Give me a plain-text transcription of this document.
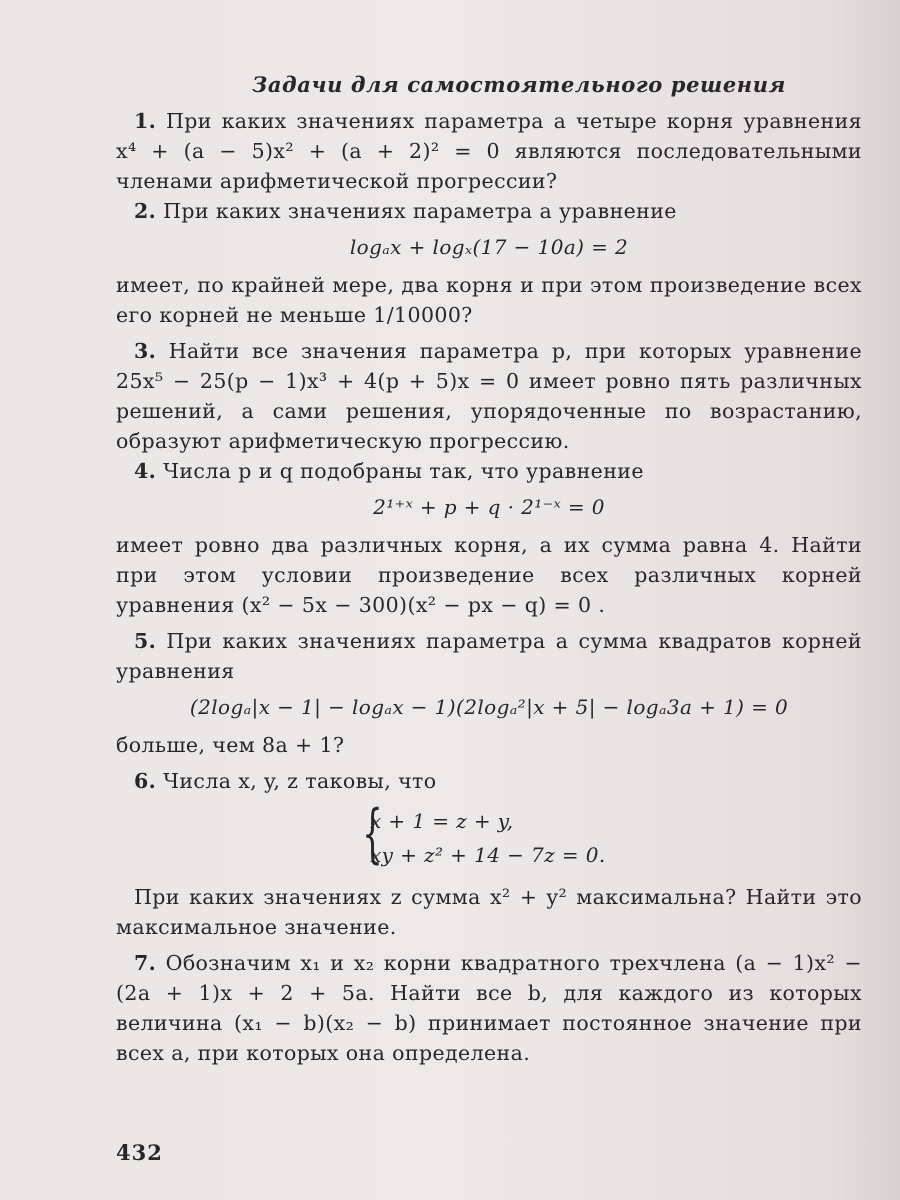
Задачи для самостоятельного решения

1. При каких значениях параметра a четыре корня уравнения x⁴ + (a − 5)x² + (a + 2)² = 0 являются последовательными членами арифметической прогрессии?

2. При каких значениях параметра a уравнение

logₐx + logₓ(17 − 10a) = 2

имеет, по крайней мере, два корня и при этом произведение всех его корней не меньше 1/10000?

3. Найти все значения параметра p, при которых уравнение 25x⁵ − 25(p − 1)x³ + 4(p + 5)x = 0 имеет ровно пять различных решений, а сами решения, упорядоченные по возрастанию, образуют арифметическую прогрессию.

4. Числа p и q подобраны так, что уравнение

2¹⁺ˣ + p + q · 2¹⁻ˣ = 0

имеет ровно два различных корня, а их сумма равна 4. Найти при этом условии произведение всех различных корней уравнения (x² − 5x − 300)(x² − px − q) = 0 .

5. При каких значениях параметра a сумма квадратов корней уравнения

(2logₐ|x − 1| − logₐx − 1)(2logₐ²|x + 5| − logₐ3a + 1) = 0

больше, чем 8a + 1?

6. Числа x, y, z таковы, что

{
x + 1 = z + y,
xy + z² + 14 − 7z = 0.

При каких значениях z сумма x² + y² максимальна? Найти это максимальное значение.

7. Обозначим x₁ и x₂ корни квадратного трехчлена (a − 1)x² − (2a + 1)x + 2 + 5a. Найти все b, для каждого из которых величина (x₁ − b)(x₂ − b) принимает постоянное значение при всех a, при которых она определена.

432
